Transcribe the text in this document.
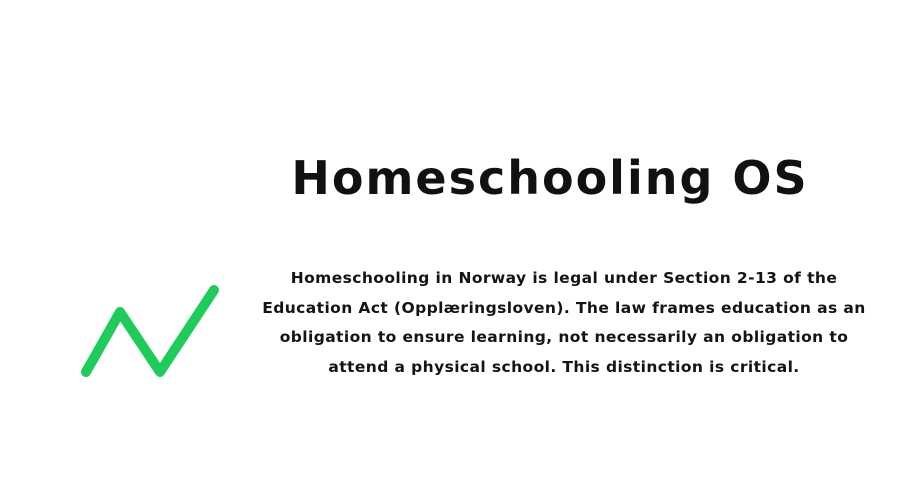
Homeschooling OS

Homeschooling in Norway is legal under Section 2-13 of the Education Act (Opplæringsloven). The law frames education as an obligation to ensure learning, not necessarily an obligation to attend a physical school. This distinction is critical.
